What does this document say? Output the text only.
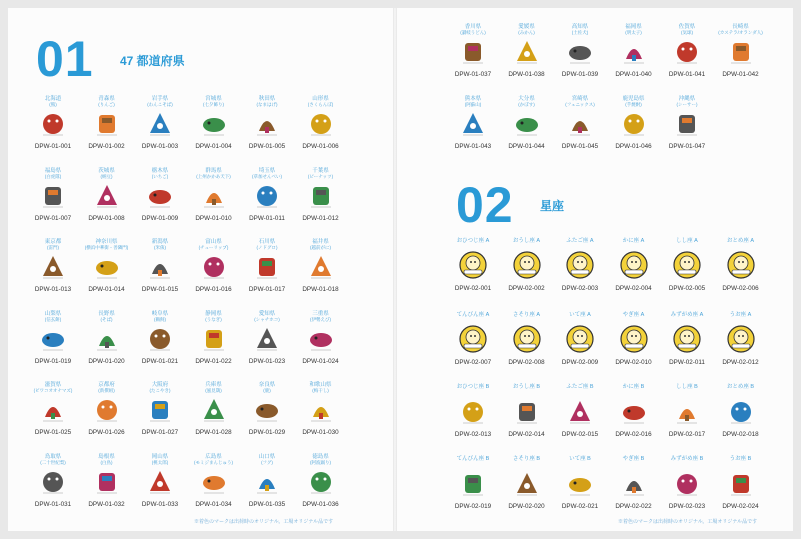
01 47 都道府県
02 星座
北海道
(熊)
DPW-01-001
青森県
(りんご)
DPW-01-002
岩手県
(わんこそば)
DPW-01-003
宮城県
(七夕飾り)
DPW-01-004
秋田県
(なまはげ)
DPW-01-005
山形県
(さくらんぼ)
DPW-01-006
福島県
(白虎隊)
DPW-01-007
茨城県
(納豆)
DPW-01-008
栃木県
(いちご)
DPW-01-009
群馬県
(上州かかあ天下)
DPW-01-010
埼玉県
(草加せんべい)
DPW-01-011
千葉県
(ピーナッツ)
DPW-01-012
東京都
(雷門)
DPW-01-013
神奈川県
(横浜中華街・善隣門)
DPW-01-014
新潟県
(米俵)
DPW-01-015
富山県
(チューリップ)
DPW-01-016
石川県
(ノドグロ)
DPW-01-017
福井県
(越前がに)
DPW-01-018
山梨県
(信玄餅)
DPW-01-019
長野県
(そば)
DPW-01-020
岐阜県
(鵜飼)
DPW-01-021
静岡県
(うなぎ)
DPW-01-022
愛知県
(シャチホコ)
DPW-01-023
三重県
(伊勢えび)
DPW-01-024
滋賀県
(ビワコオオナマズ)
DPW-01-025
京都府
(新撰組)
DPW-01-026
大阪府
(たこやき)
DPW-01-027
兵庫県
(風見鶏)
DPW-01-028
奈良県
(鹿)
DPW-01-029
和歌山県
(梅干し)
DPW-01-030
鳥取県
(二十世紀梨)
DPW-01-031
島根県
(白鳥)
DPW-01-032
岡山県
(桃太郎)
DPW-01-033
広島県
(モミジまんじゅう)
DPW-01-034
山口県
(フグ)
DPW-01-035
徳島県
(阿波踊り)
DPW-01-036
香川県
(讃岐うどん)
DPW-01-037
愛媛県
(みかん)
DPW-01-038
高知県
(土佐犬)
DPW-01-039
福岡県
(明太子)
DPW-01-040
佐賀県
(気球)
DPW-01-041
長崎県
(カステラ/オランダ人)
DPW-01-042
熊本県
(阿蘇山)
DPW-01-043
大分県
(かぼす)
DPW-01-044
宮崎県
(フェニックス)
DPW-01-045
鹿児島県
(芋焼酎)
DPW-01-046
沖縄県
(シーサー)
DPW-01-047
おひつじ座 A
DPW-02-001
おうし座 A
DPW-02-002
ふたご座 A
DPW-02-003
かに座 A
DPW-02-004
しし座 A
DPW-02-005
おとめ座 A
DPW-02-006
てんびん座 A
DPW-02-007
さそり座 A
DPW-02-008
いて座 A
DPW-02-009
やぎ座 A
DPW-02-010
みずがめ座 A
DPW-02-011
うお座 A
DPW-02-012
おひつじ座 B
DPW-02-013
おうし座 B
DPW-02-014
ふたご座 B
DPW-02-015
かに座 B
DPW-02-016
しし座 B
DPW-02-017
おとめ座 B
DPW-02-018
てんびん座 B
DPW-02-019
さそり座 B
DPW-02-020
いて座 B
DPW-02-021
やぎ座 B
DPW-02-022
みずがめ座 B
DPW-02-023
うお座 B
DPW-02-024
※着色のマークは出荷時のオリジナル。工場オリジナル品です	※着色のマークは出荷時のオリジナル。工場オリジナル品です
